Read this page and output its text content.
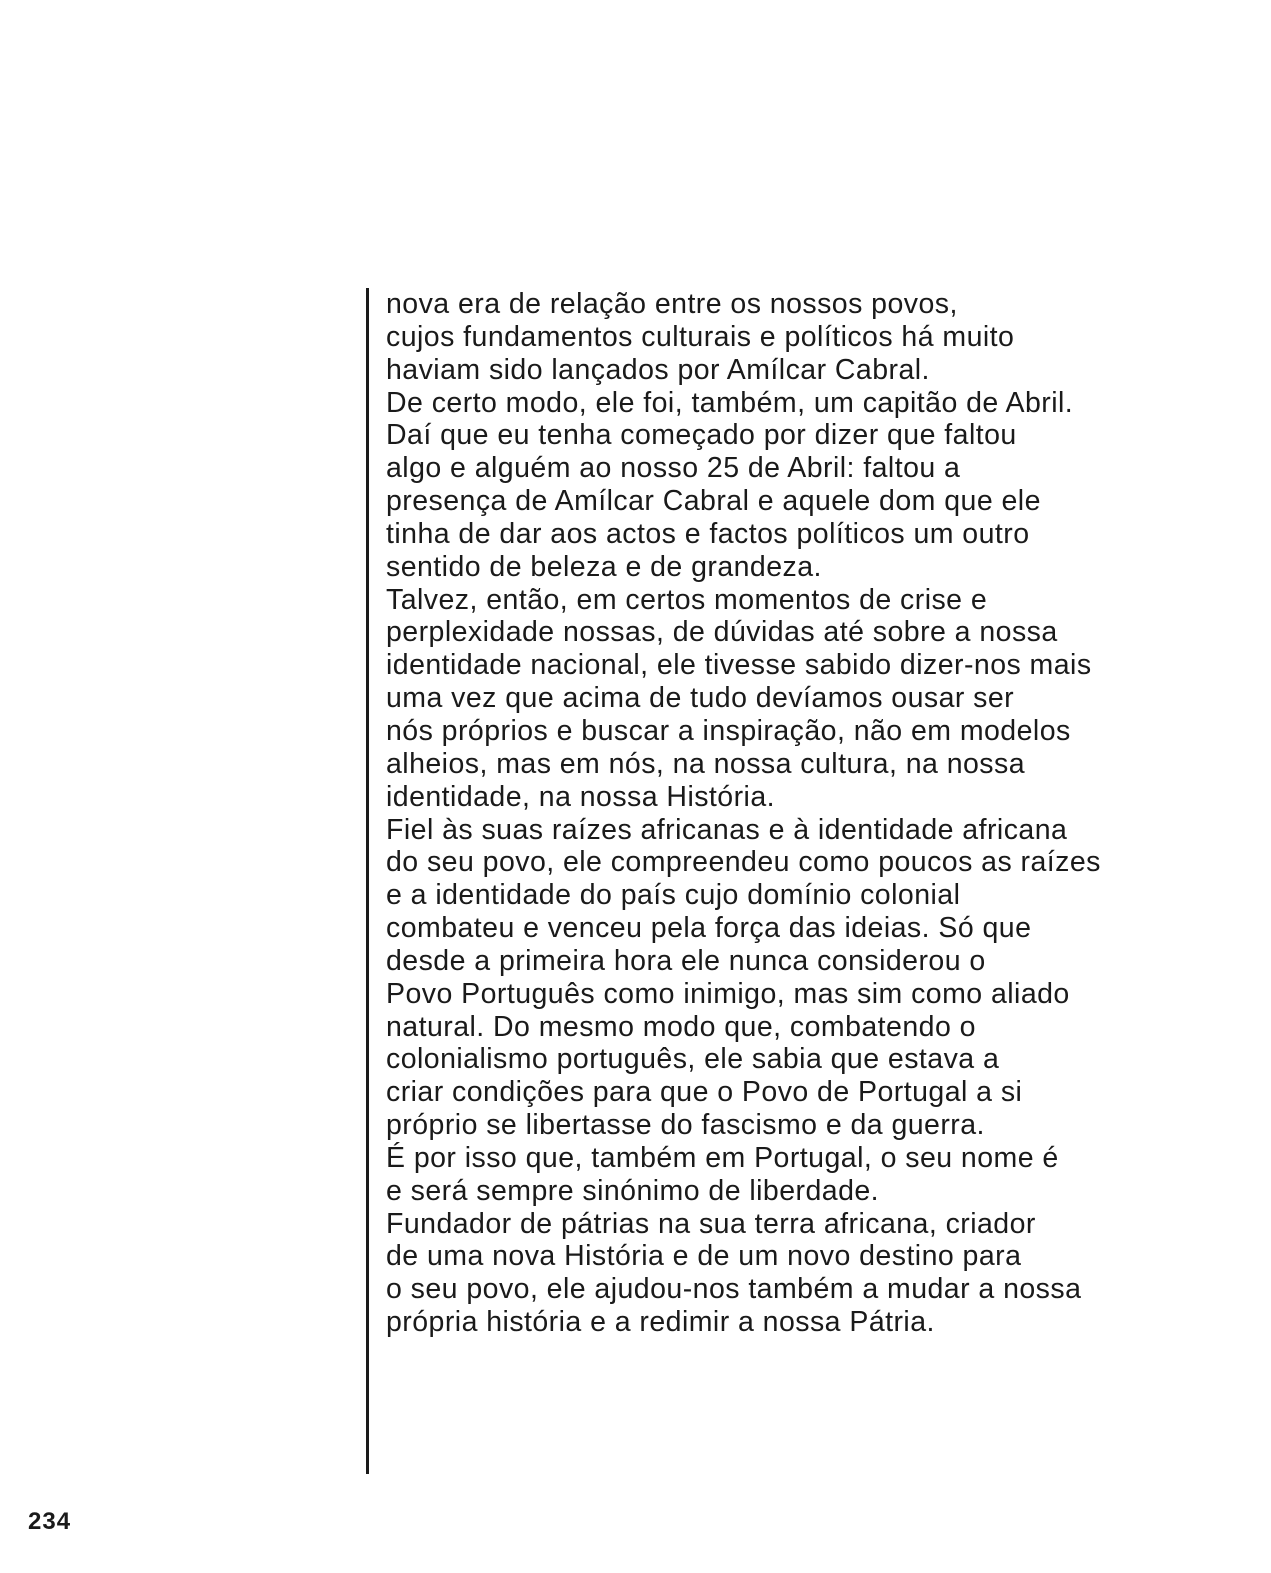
nova era de relação entre os nossos povos,
cujos fundamentos culturais e políticos há muito
haviam sido lançados por Amílcar Cabral.
De certo modo, ele foi, também, um capitão de Abril.
Daí que eu tenha começado por dizer que faltou
algo e alguém ao nosso 25 de Abril: faltou a
presença de Amílcar Cabral e aquele dom que ele
tinha de dar aos actos e factos políticos um outro
sentido de beleza e de grandeza.
Talvez, então, em certos momentos de crise e
perplexidade nossas, de dúvidas até sobre a nossa
identidade nacional, ele tivesse sabido dizer-nos mais
uma vez que acima de tudo devíamos ousar ser
nós próprios e buscar a inspiração, não em modelos
alheios, mas em nós, na nossa cultura, na nossa
identidade, na nossa História.
Fiel às suas raízes africanas e à identidade africana
do seu povo, ele compreendeu como poucos as raízes
e a identidade do país cujo domínio colonial
combateu e venceu pela força das ideias. Só que
desde a primeira hora ele nunca considerou o
Povo Português como inimigo, mas sim como aliado
natural. Do mesmo modo que, combatendo o
colonialismo português, ele sabia que estava a
criar condições para que o Povo de Portugal a si
próprio se libertasse do fascismo e da guerra.
É por isso que, também em Portugal, o seu nome é
e será sempre sinónimo de liberdade.
Fundador de pátrias na sua terra africana, criador
de uma nova História e de um novo destino para
o seu povo, ele ajudou-nos também a mudar a nossa
própria história e a redimir a nossa Pátria.
234
